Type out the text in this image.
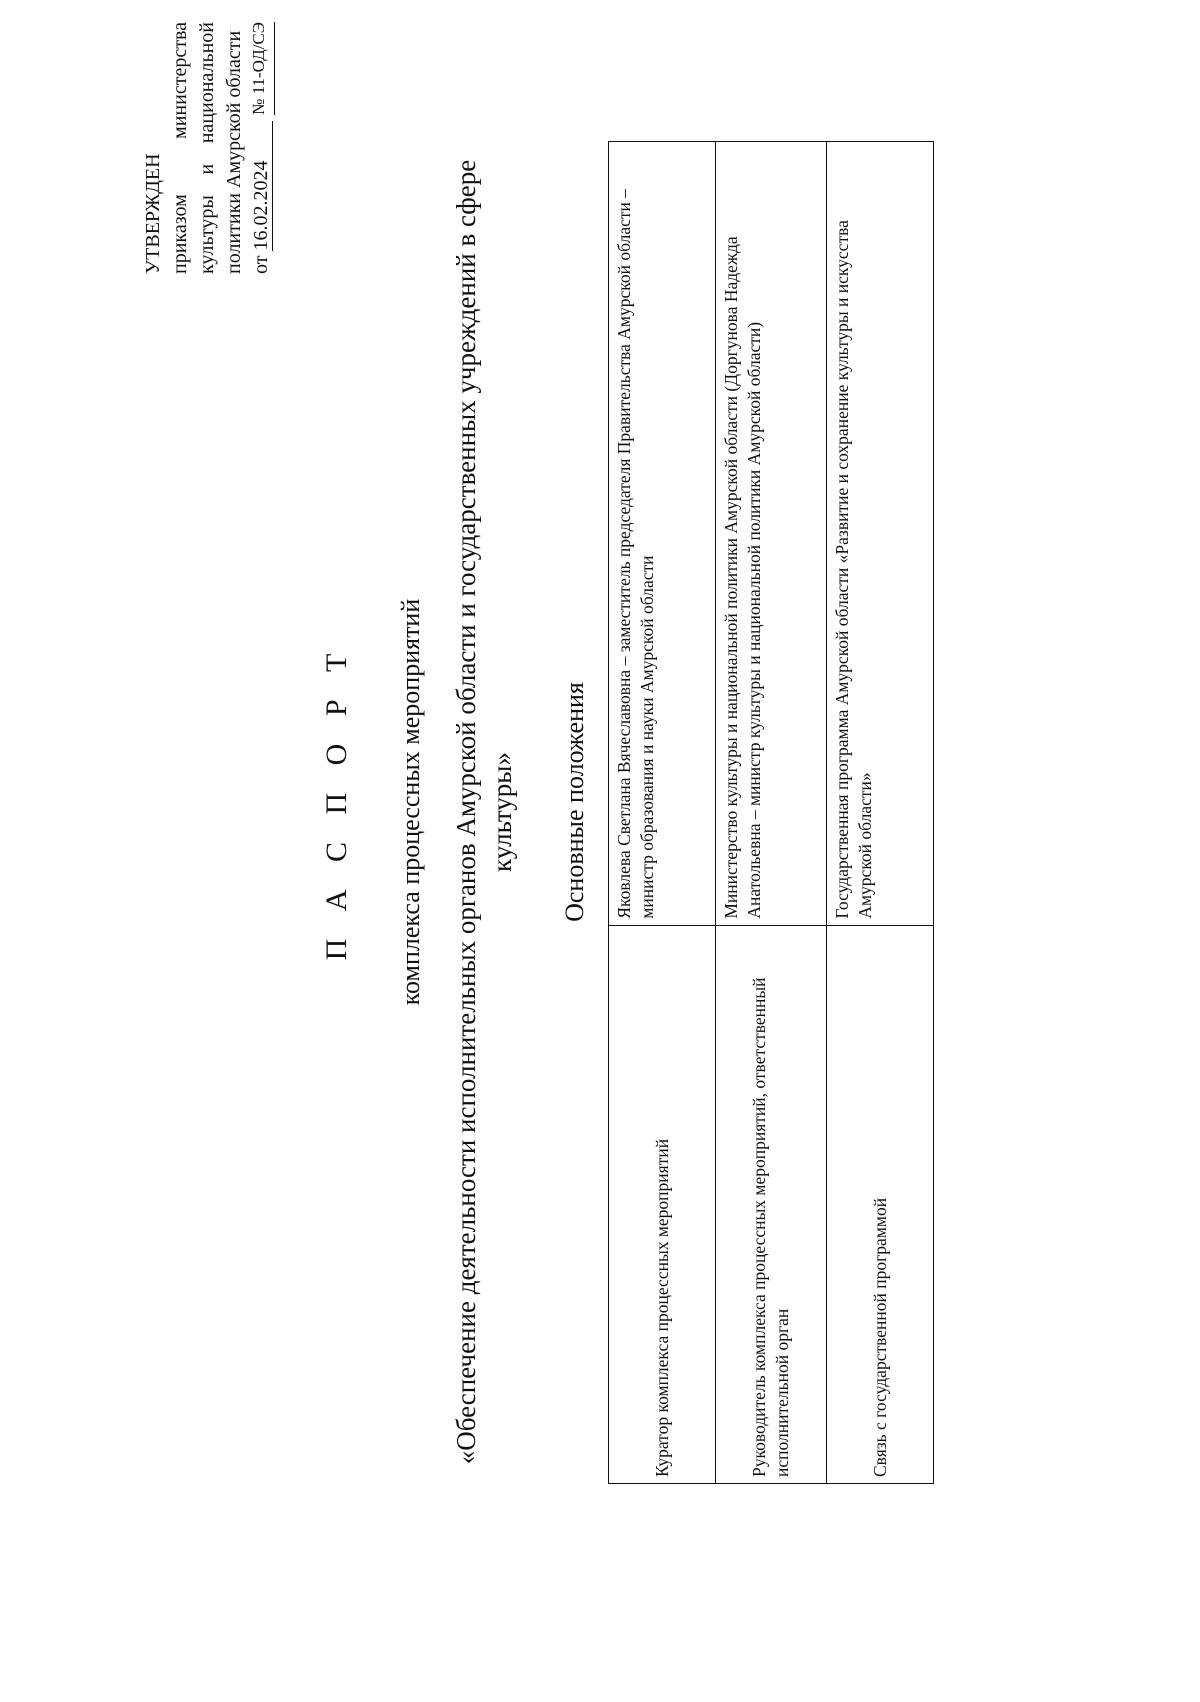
УТВЕРЖДЕН приказом
министерства
культуры
и
национальной политики Амурской области от 16.02.2024
№ 11-ОД/СЭ
П А С П О Р Т комплекса процессных мероприятий «Обеспечение деятельности исполнительных органов Амурской области и государственных учреждений в сфере культуры» Основные положения
Куратор комплекса процессных мероприятий	Яковлева Светлана Вячеславовна – заместитель председателя Правительства Амурской области – министр образования и науки Амурской области
Руководитель комплекса процессных мероприятий, ответственный исполнительной орган	Министерство культуры и национальной политики Амурской области (Доргунова Надежда Анатольевна – министр культуры и национальной политики Амурской области)
Связь с государственной программой	Государственная программа Амурской области «Развитие и сохранение культуры и искусства Амурской области»
